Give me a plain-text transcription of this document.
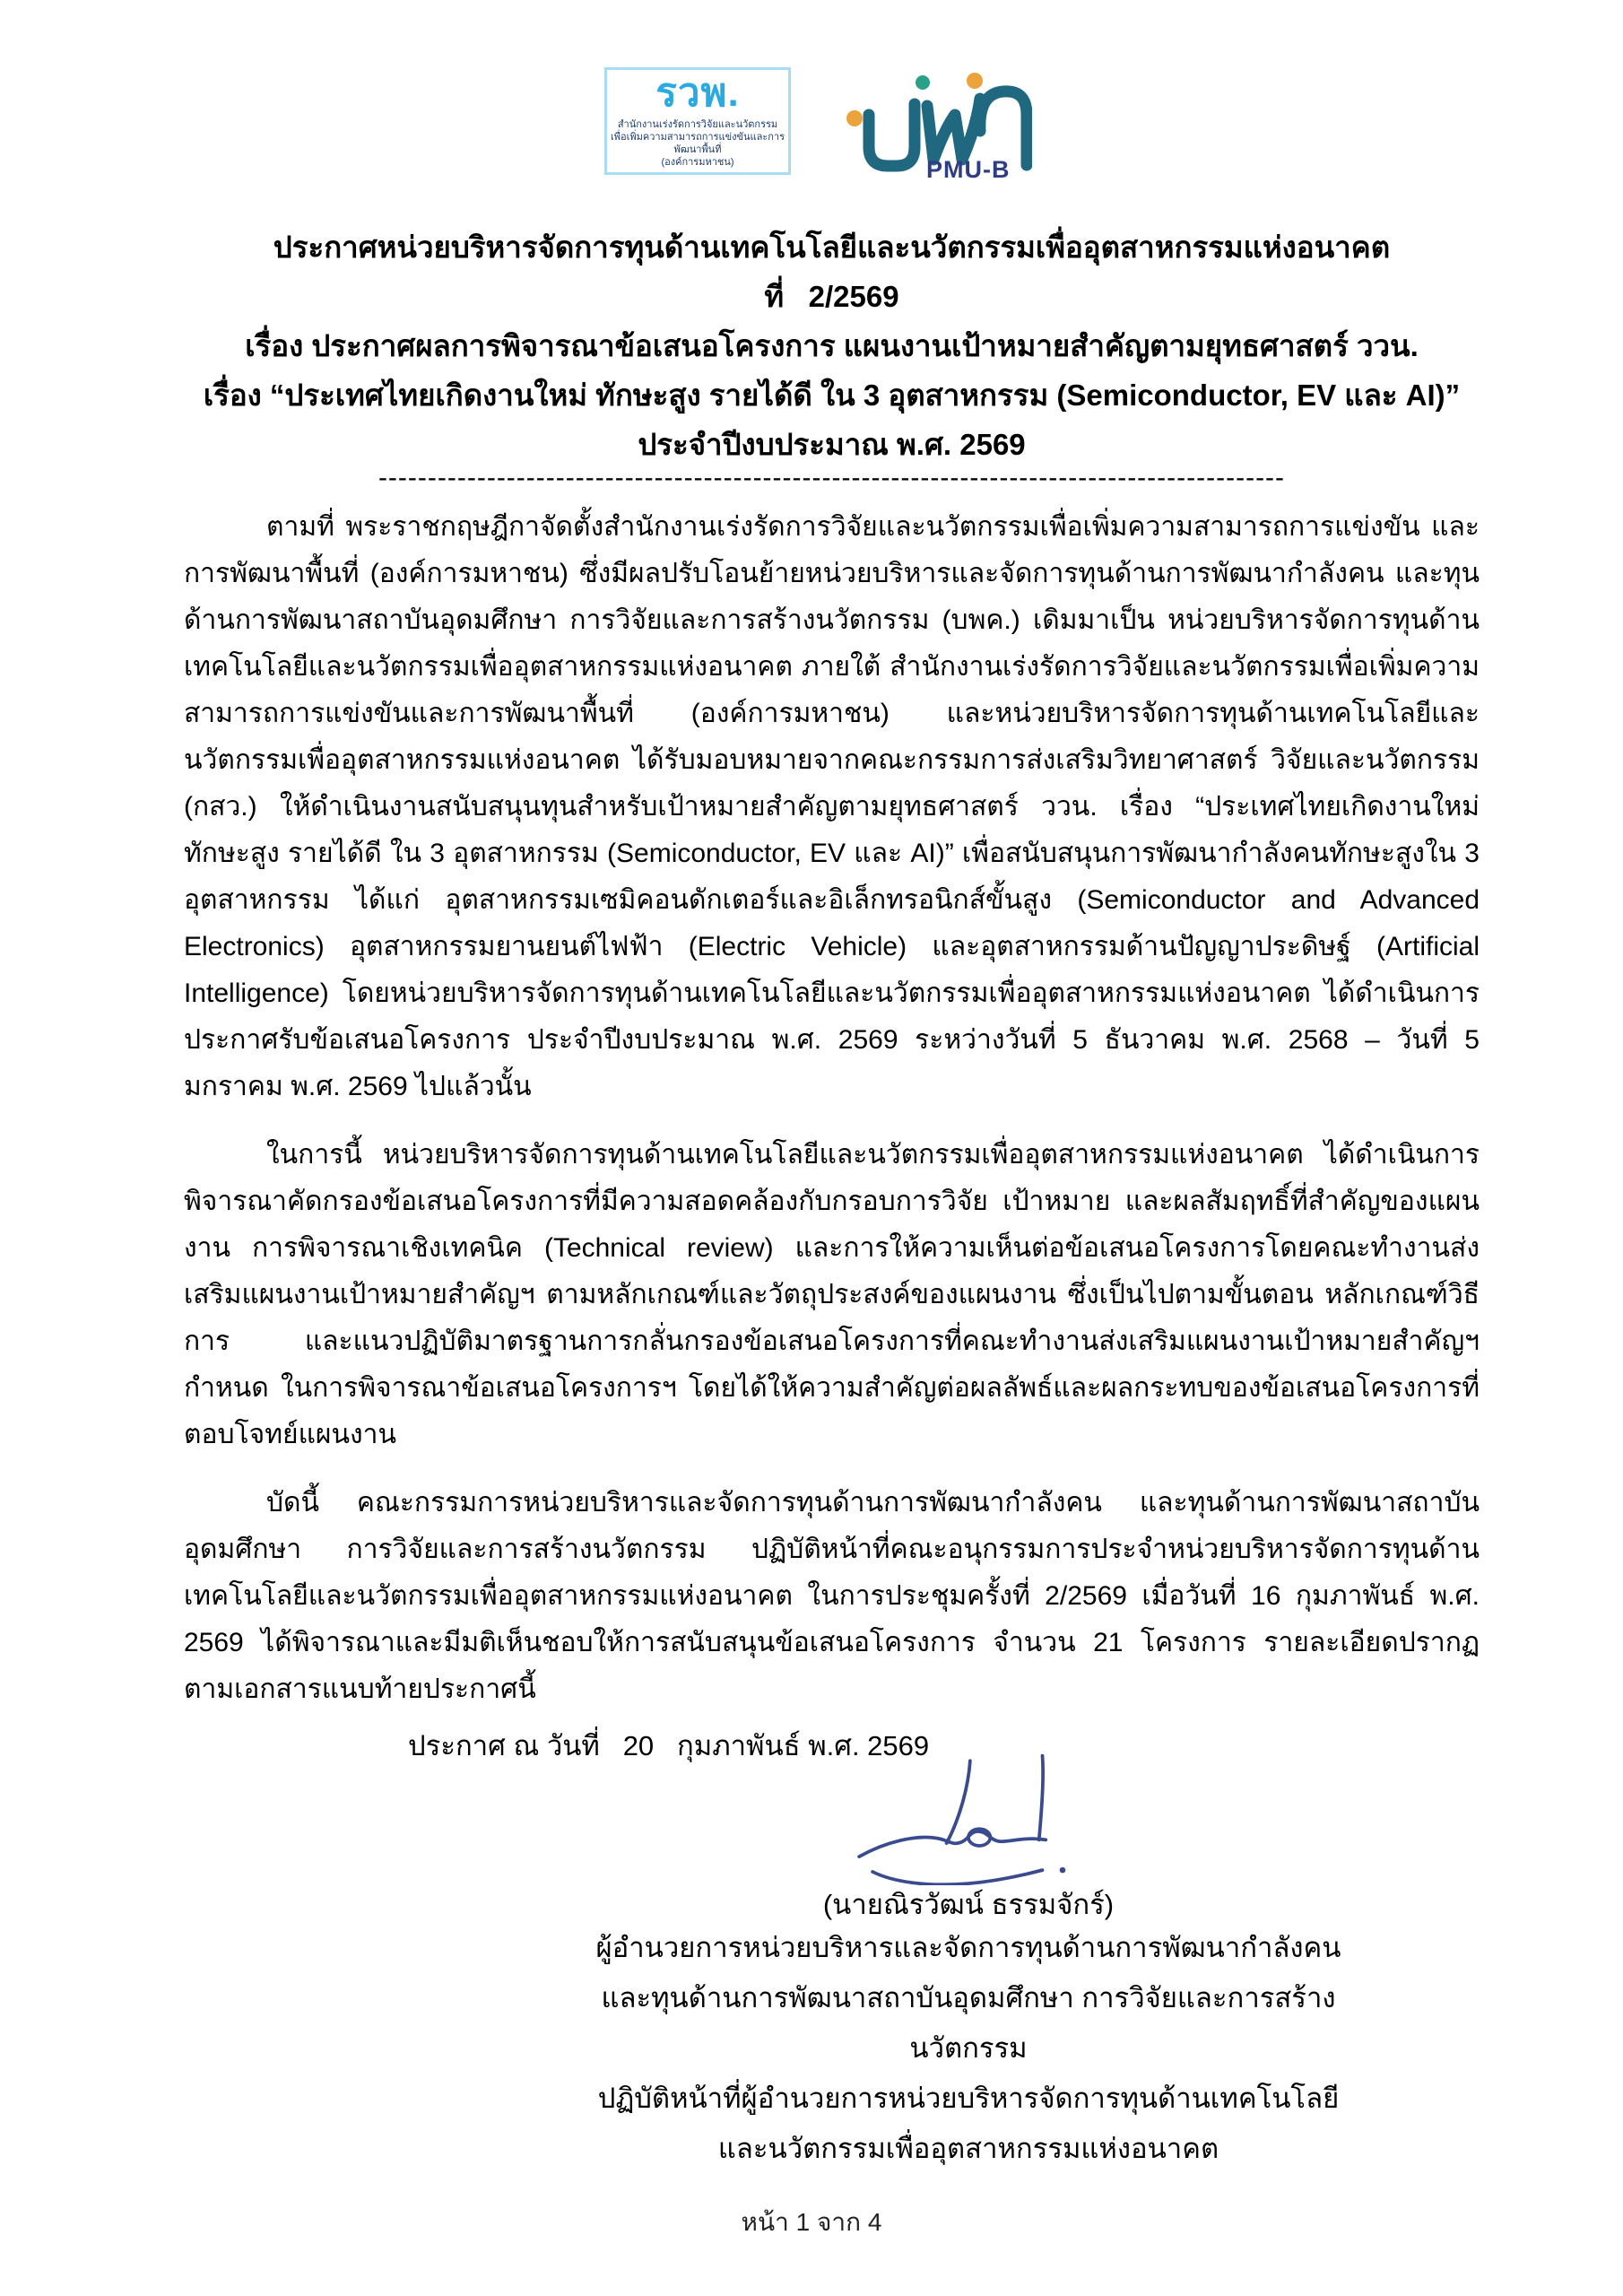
รวพ.
สำนักงานเร่งรัดการวิจัยและนวัตกรรม
เพื่อเพิ่มความสามารถการแข่งขันและการพัฒนาพื้นที่
(องค์การมหาชน)	PMU-B
ประกาศหน่วยบริหารจัดการทุนด้านเทคโนโลยีและนวัตกรรมเพื่ออุตสาหกรรมแห่งอนาคต
ที่   2/2569
เรื่อง ประกาศผลการพิจารณาข้อเสนอโครงการ แผนงานเป้าหมายสำคัญตามยุทธศาสตร์ ววน.
เรื่อง “ประเทศไทยเกิดงานใหม่ ทักษะสูง รายได้ดี ใน 3 อุตสาหกรรม (Semiconductor, EV และ AI)”
ประจำปีงบประมาณ พ.ศ. 2569
--------------------------------------------------------------------------------------------
ตามที่ พระราชกฤษฎีกาจัดตั้งสำนักงานเร่งรัดการวิจัยและนวัตกรรมเพื่อเพิ่มความสามารถการแข่งขัน และการพัฒนาพื้นที่ (องค์การมหาชน) ซึ่งมีผลปรับโอนย้ายหน่วยบริหารและจัดการทุนด้านการพัฒนากำลังคน และทุนด้านการพัฒนาสถาบันอุดมศึกษา การวิจัยและการสร้างนวัตกรรม (บพค.) เดิมมาเป็น หน่วยบริหารจัดการทุนด้านเทคโนโลยีและนวัตกรรมเพื่ออุตสาหกรรมแห่งอนาคต ภายใต้ สำนักงานเร่งรัดการวิจัยและนวัตกรรมเพื่อเพิ่มความสามารถการแข่งขันและการพัฒนาพื้นที่ (องค์การมหาชน) และหน่วยบริหารจัดการทุนด้านเทคโนโลยีและนวัตกรรมเพื่ออุตสาหกรรมแห่งอนาคต ได้รับมอบหมายจากคณะกรรมการส่งเสริมวิทยาศาสตร์ วิจัยและนวัตกรรม (กสว.) ให้ดำเนินงานสนับสนุนทุนสำหรับเป้าหมายสำคัญตามยุทธศาสตร์ ววน. เรื่อง “ประเทศไทยเกิดงานใหม่ ทักษะสูง รายได้ดี ใน 3 อุตสาหกรรม (Semiconductor, EV และ AI)” เพื่อสนับสนุนการพัฒนากำลังคนทักษะสูงใน 3 อุตสาหกรรม ได้แก่ อุตสาหกรรมเซมิคอนดักเตอร์และอิเล็กทรอนิกส์ขั้นสูง (Semiconductor and Advanced Electronics) อุตสาหกรรมยานยนต์ไฟฟ้า (Electric Vehicle) และอุตสาหกรรมด้านปัญญาประดิษฐ์ (Artificial Intelligence) โดยหน่วยบริหารจัดการทุนด้านเทคโนโลยีและนวัตกรรมเพื่ออุตสาหกรรมแห่งอนาคต ได้ดำเนินการประกาศรับข้อเสนอโครงการ ประจำปีงบประมาณ พ.ศ. 2569 ระหว่างวันที่ 5 ธันวาคม พ.ศ. 2568 – วันที่ 5 มกราคม พ.ศ. 2569 ไปแล้วนั้น
ในการนี้ หน่วยบริหารจัดการทุนด้านเทคโนโลยีและนวัตกรรมเพื่ออุตสาหกรรมแห่งอนาคต ได้ดำเนินการพิจารณาคัดกรองข้อเสนอโครงการที่มีความสอดคล้องกับกรอบการวิจัย เป้าหมาย และผลสัมฤทธิ์ที่สำคัญของแผนงาน การพิจารณาเชิงเทคนิค (Technical review) และการให้ความเห็นต่อข้อเสนอโครงการโดยคณะทำงานส่งเสริมแผนงานเป้าหมายสำคัญฯ ตามหลักเกณฑ์และวัตถุประสงค์ของแผนงาน ซึ่งเป็นไปตามขั้นตอน หลักเกณฑ์วิธีการ และแนวปฏิบัติมาตรฐานการกลั่นกรองข้อเสนอโครงการที่คณะทำงานส่งเสริมแผนงานเป้าหมายสำคัญฯ กำหนด ในการพิจารณาข้อเสนอโครงการฯ โดยได้ให้ความสำคัญต่อผลลัพธ์และผลกระทบของข้อเสนอโครงการที่ตอบโจทย์แผนงาน
บัดนี้ คณะกรรมการหน่วยบริหารและจัดการทุนด้านการพัฒนากำลังคน และทุนด้านการพัฒนาสถาบันอุดมศึกษา การวิจัยและการสร้างนวัตกรรม ปฏิบัติหน้าที่คณะอนุกรรมการประจำหน่วยบริหารจัดการทุนด้านเทคโนโลยีและนวัตกรรมเพื่ออุตสาหกรรมแห่งอนาคต ในการประชุมครั้งที่ 2/2569 เมื่อวันที่ 16 กุมภาพันธ์ พ.ศ. 2569 ได้พิจารณาและมีมติเห็นชอบให้การสนับสนุนข้อเสนอโครงการ จำนวน 21 โครงการ รายละเอียดปรากฏตามเอกสารแนบท้ายประกาศนี้
ประกาศ ณ วันที่   20   กุมภาพันธ์ พ.ศ. 2569
(นายณิรวัฒน์ ธรรมจักร์)
ผู้อำนวยการหน่วยบริหารและจัดการทุนด้านการพัฒนากำลังคน
และทุนด้านการพัฒนาสถาบันอุดมศึกษา การวิจัยและการสร้างนวัตกรรม
ปฏิบัติหน้าที่ผู้อำนวยการหน่วยบริหารจัดการทุนด้านเทคโนโลยี
และนวัตกรรมเพื่ออุตสาหกรรมแห่งอนาคต
หน้า 1 จาก 4
